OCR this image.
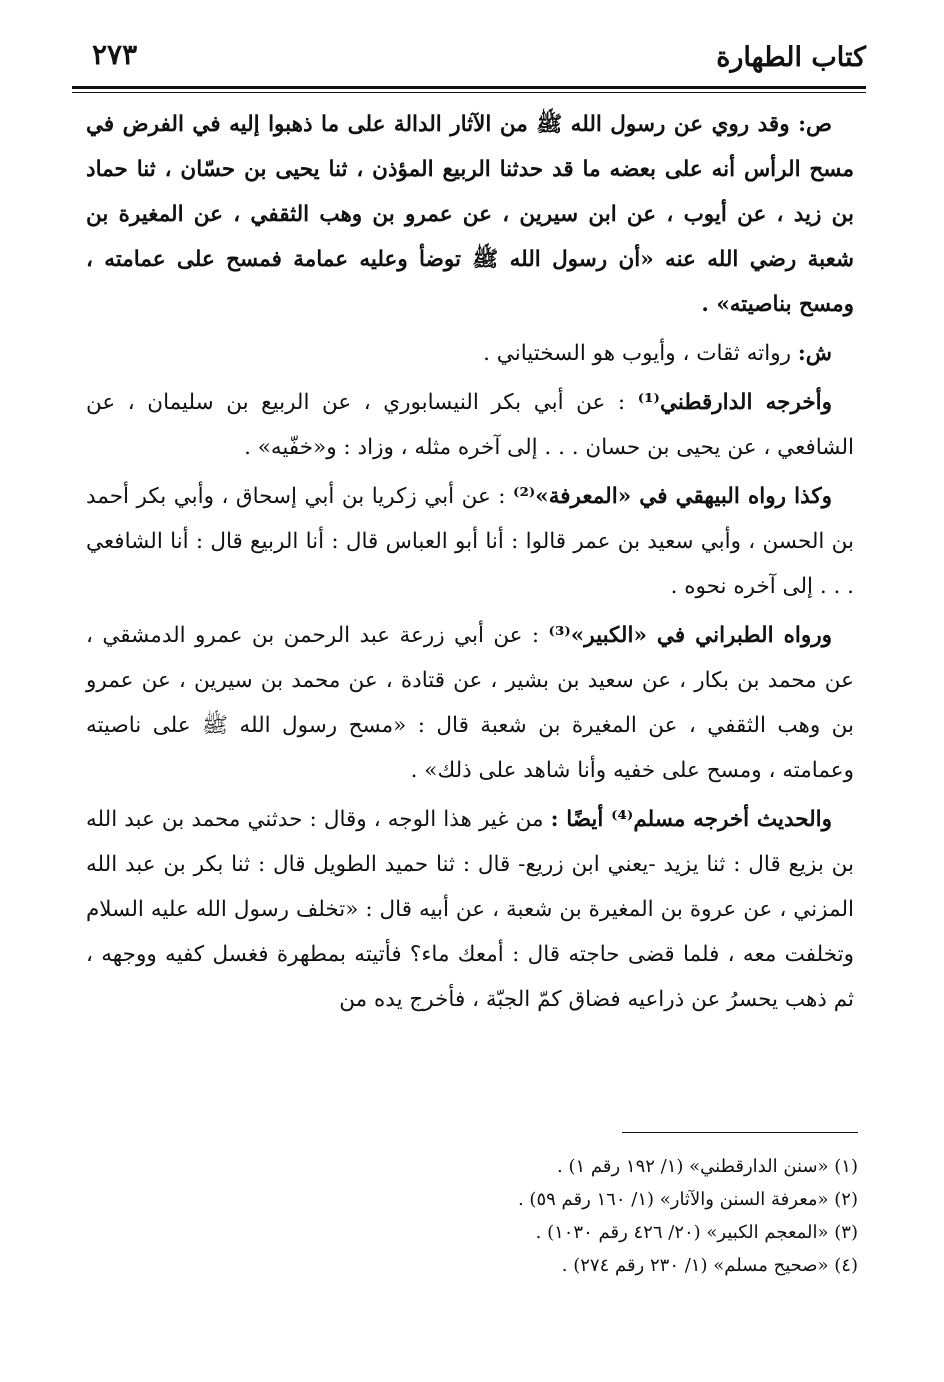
كتاب الطهارة
٢٧٣

ص: وقد روي عن رسول الله ﷺ من الآثار الدالة على ما ذهبوا إليه في الفرض في مسح الرأس أنه على بعضه ما قد حدثنا الربيع المؤذن ، ثنا يحيى بن حسّان ، ثنا حماد بن زيد ، عن أيوب ، عن ابن سيرين ، عن عمرو بن وهب الثقفي ، عن المغيرة بن شعبة رضي الله عنه «أن رسول الله ﷺ توضأ وعليه عمامة فمسح على عمامته ، ومسح بناصيته» .

ش: رواته ثقات ، وأيوب هو السختياني .

وأخرجه الدارقطني⁽¹⁾ : عن أبي بكر النيسابوري ، عن الربيع بن سليمان ، عن الشافعي ، عن يحيى بن حسان . . . إلى آخره مثله ، وزاد : و«خفّيه» .

وكذا رواه البيهقي في «المعرفة»⁽²⁾ : عن أبي زكريا بن أبي إسحاق ، وأبي بكر أحمد بن الحسن ، وأبي سعيد بن عمر قالوا : أنا أبو العباس قال : أنا الربيع قال : أنا الشافعي . . . إلى آخره نحوه .

ورواه الطبراني في «الكبير»⁽³⁾ : عن أبي زرعة عبد الرحمن بن عمرو الدمشقي ، عن محمد بن بكار ، عن سعيد بن بشير ، عن قتادة ، عن محمد بن سيرين ، عن عمرو بن وهب الثقفي ، عن المغيرة بن شعبة قال : «مسح رسول الله ﷺ على ناصيته وعمامته ، ومسح على خفيه وأنا شاهد على ذلك» .

والحديث أخرجه مسلم⁽⁴⁾ أيضًا : من غير هذا الوجه ، وقال : حدثني محمد بن عبد الله بن بزيع قال : ثنا يزيد -يعني ابن زريع- قال : ثنا حميد الطويل قال : ثنا بكر بن عبد الله المزني ، عن عروة بن المغيرة بن شعبة ، عن أبيه قال : «تخلف رسول الله عليه السلام وتخلفت معه ، فلما قضى حاجته قال : أمعك ماء؟ فأتيته بمطهرة فغسل كفيه ووجهه ، ثم ذهب يحسرُ عن ذراعيه فضاق كمّ الجبّة ، فأخرج يده من

(١) «سنن الدارقطني» (١/ ١٩٢ رقم ١) .
(٢) «معرفة السنن والآثار» (١/ ١٦٠ رقم ٥٩) .
(٣) «المعجم الكبير» (٢٠/ ٤٢٦ رقم ١٠٣٠) .
(٤) «صحيح مسلم» (١/ ٢٣٠ رقم ٢٧٤) .
